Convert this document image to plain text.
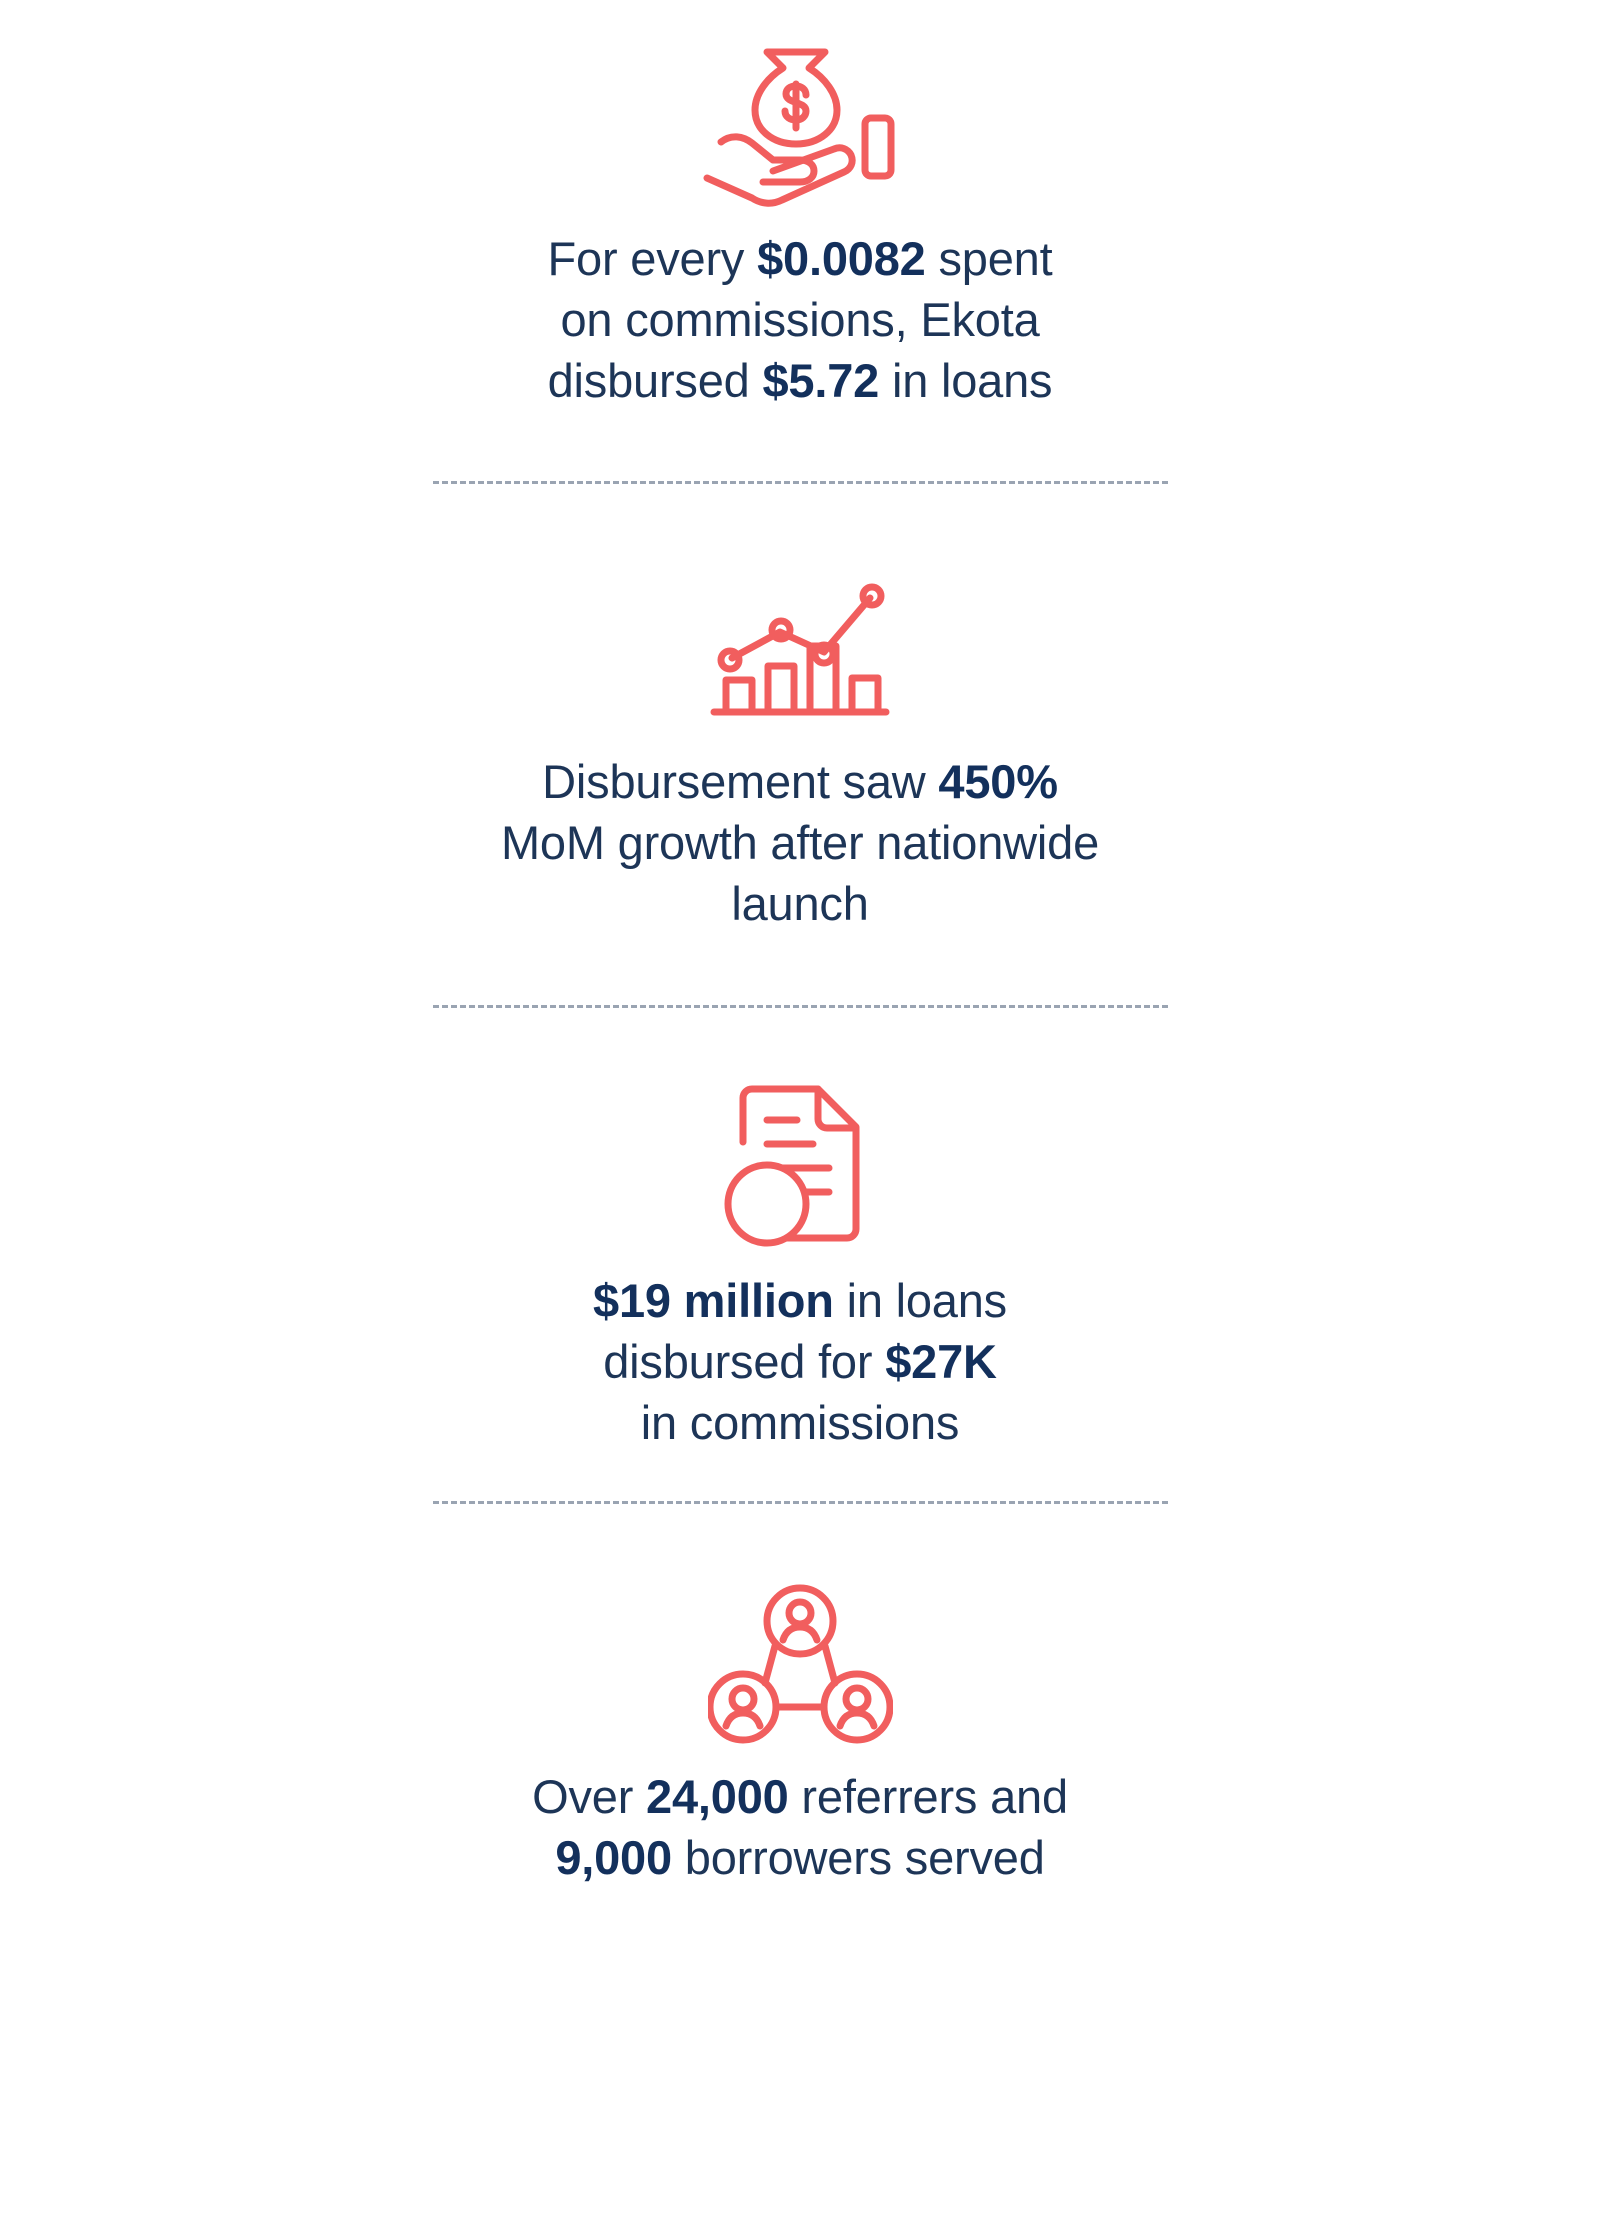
For every $0.0082 spent
on commissions, Ekota
disbursed $5.72 in loans
Disbursement saw 450%
MoM growth after nationwide
launch
$19 million in loans
disbursed for $27K
in commissions
Over 24,000 referrers and
9,000 borrowers served
